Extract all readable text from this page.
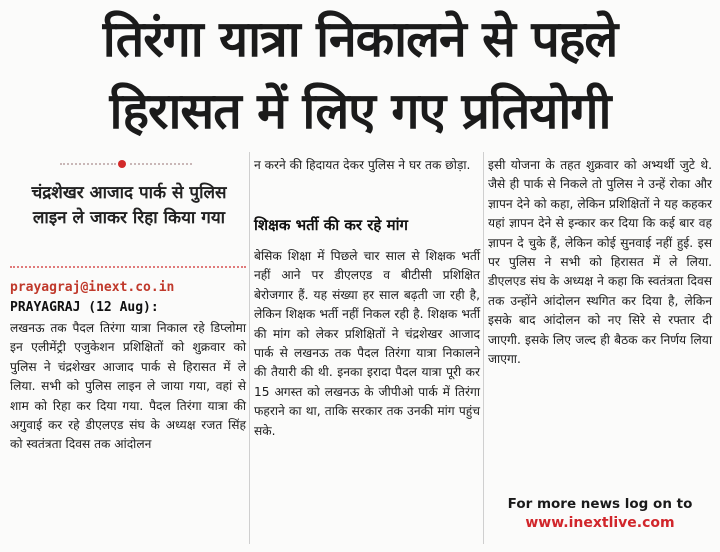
तिरंगा यात्रा निकालने से पहले
हिरासत में लिए गए प्रतियोगी
चंद्रशेखर आजाद पार्क से पुलिस लाइन ले जाकर रिहा किया गया
prayagraj@inext.co.in
PRAYAGRAJ (12 Aug):
लखनऊ तक पैदल तिरंगा यात्रा निकाल रहे डिप्लोमा इन एलीमेंट्री एजुकेशन प्रशिक्षितों को शुक्रवार को पुलिस ने चंद्रशेखर आजाद पार्क से हिरासत में ले लिया. सभी को पुलिस लाइन ले जाया गया, वहां से शाम को रिहा कर दिया गया. पैदल तिरंगा यात्रा की अगुवाई कर रहे डीएलएड संघ के अध्यक्ष रजत सिंह को स्वतंत्रता दिवस तक आंदोलन
न करने की हिदायत देकर पुलिस ने घर तक छोड़ा.
शिक्षक भर्ती की कर रहे मांग
बेसिक शिक्षा में पिछले चार साल से शिक्षक भर्ती नहीं आने पर डीएलएड व बीटीसी प्रशिक्षित बेरोजगार हैं. यह संख्या हर साल बढ़ती जा रही है, लेकिन शिक्षक भर्ती नहीं निकल रही है. शिक्षक भर्ती की मांग को लेकर प्रशिक्षितों ने चंद्रशेखर आजाद पार्क से लखनऊ तक पैदल तिरंगा यात्रा निकालने की तैयारी की थी. इनका इरादा पैदल यात्रा पूरी कर 15 अगस्त को लखनऊ के जीपीओ पार्क में तिरंगा फहराने का था, ताकि सरकार तक उनकी मांग पहुंच सके.
इसी योजना के तहत शुक्रवार को अभ्यर्थी जुटे थे. जैसे ही पार्क से निकले तो पुलिस ने उन्हें रोका और ज्ञापन देने को कहा, लेकिन प्रशिक्षितों ने यह कहकर यहां ज्ञापन देने से इन्कार कर दिया कि कई बार वह ज्ञापन दे चुके हैं, लेकिन कोई सुनवाई नहीं हुई. इस पर पुलिस ने सभी को हिरासत में ले लिया. डीएलएड संघ के अध्यक्ष ने कहा कि स्वतंत्रता दिवस तक उन्होंने आंदोलन स्थगित कर दिया है, लेकिन इसके बाद आंदोलन को नए सिरे से रफ्तार दी जाएगी. इसके लिए जल्द ही बैठक कर निर्णय लिया जाएगा.
For more news log on to
www.inextlive.com
